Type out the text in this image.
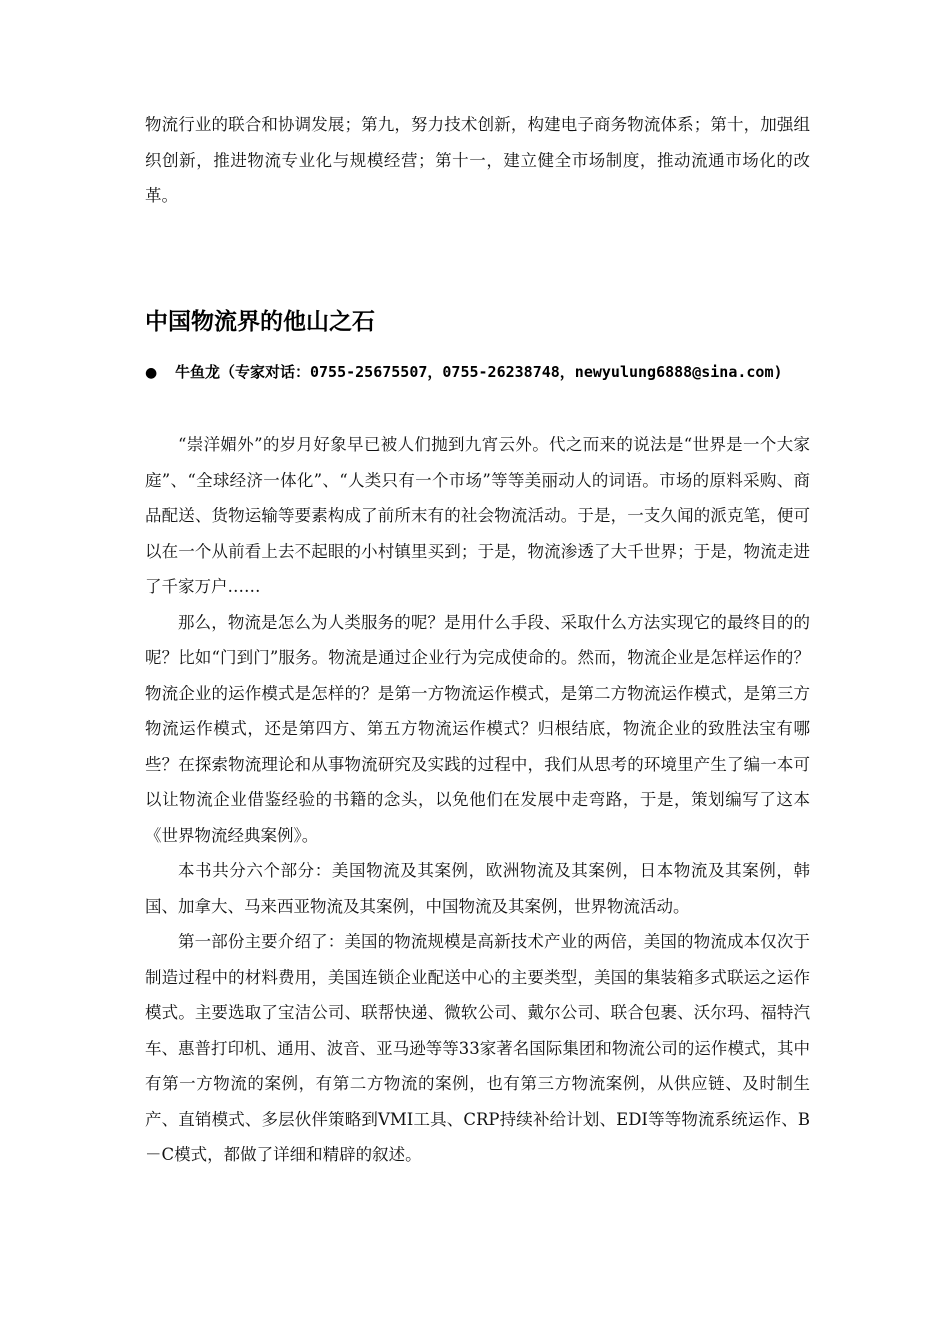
物流行业的联合和协调发展；第九，努力技术创新，构建电子商务物流体系；第十，加强组织创新，推进物流专业化与规模经营；第十一，建立健全市场制度，推动流通市场化的改革。

中国物流界的他山之石
● 牛鱼龙（专家对话：0755-25675507，0755-26238748，newyulung6888@sina.com)

“崇洋媚外”的岁月好象早已被人们抛到九宵云外。代之而来的说法是“世界是一个大家庭”、“全球经济一体化”、“人类只有一个市场”等等美丽动人的词语。市场的原料采购、商品配送、货物运输等要素构成了前所末有的社会物流活动。于是，一支久闻的派克笔，便可以在一个从前看上去不起眼的小村镇里买到；于是，物流渗透了大千世界；于是，物流走进了千家万户……

那么，物流是怎么为人类服务的呢？是用什么手段、采取什么方法实现它的最终目的的呢？比如“门到门”服务。物流是通过企业行为完成使命的。然而，物流企业是怎样运作的？物流企业的运作模式是怎样的？是第一方物流运作模式，是第二方物流运作模式，是第三方物流运作模式，还是第四方、第五方物流运作模式？归根结底，物流企业的致胜法宝有哪些？在探索物流理论和从事物流研究及实践的过程中，我们从思考的环境里产生了编一本可以让物流企业借鉴经验的书籍的念头，以免他们在发展中走弯路，于是，策划编写了这本《世界物流经典案例》。

本书共分六个部分：美国物流及其案例，欧洲物流及其案例，日本物流及其案例，韩国、加拿大、马来西亚物流及其案例，中国物流及其案例，世界物流活动。

第一部份主要介绍了：美国的物流规模是高新技术产业的两倍，美国的物流成本仅次于制造过程中的材料费用，美国连锁企业配送中心的主要类型，美国的集装箱多式联运之运作模式。主要选取了宝洁公司、联帮快递、微软公司、戴尔公司、联合包裹、沃尔玛、福特汽车、惠普打印机、通用、波音、亚马逊等等33家著名国际集团和物流公司的运作模式，其中有第一方物流的案例，有第二方物流的案例，也有第三方物流案例，从供应链、及时制生产、直销模式、多层伙伴策略到VMI工具、CRP持续补给计划、EDI等等物流系统运作、B－C模式，都做了详细和精辟的叙述。
